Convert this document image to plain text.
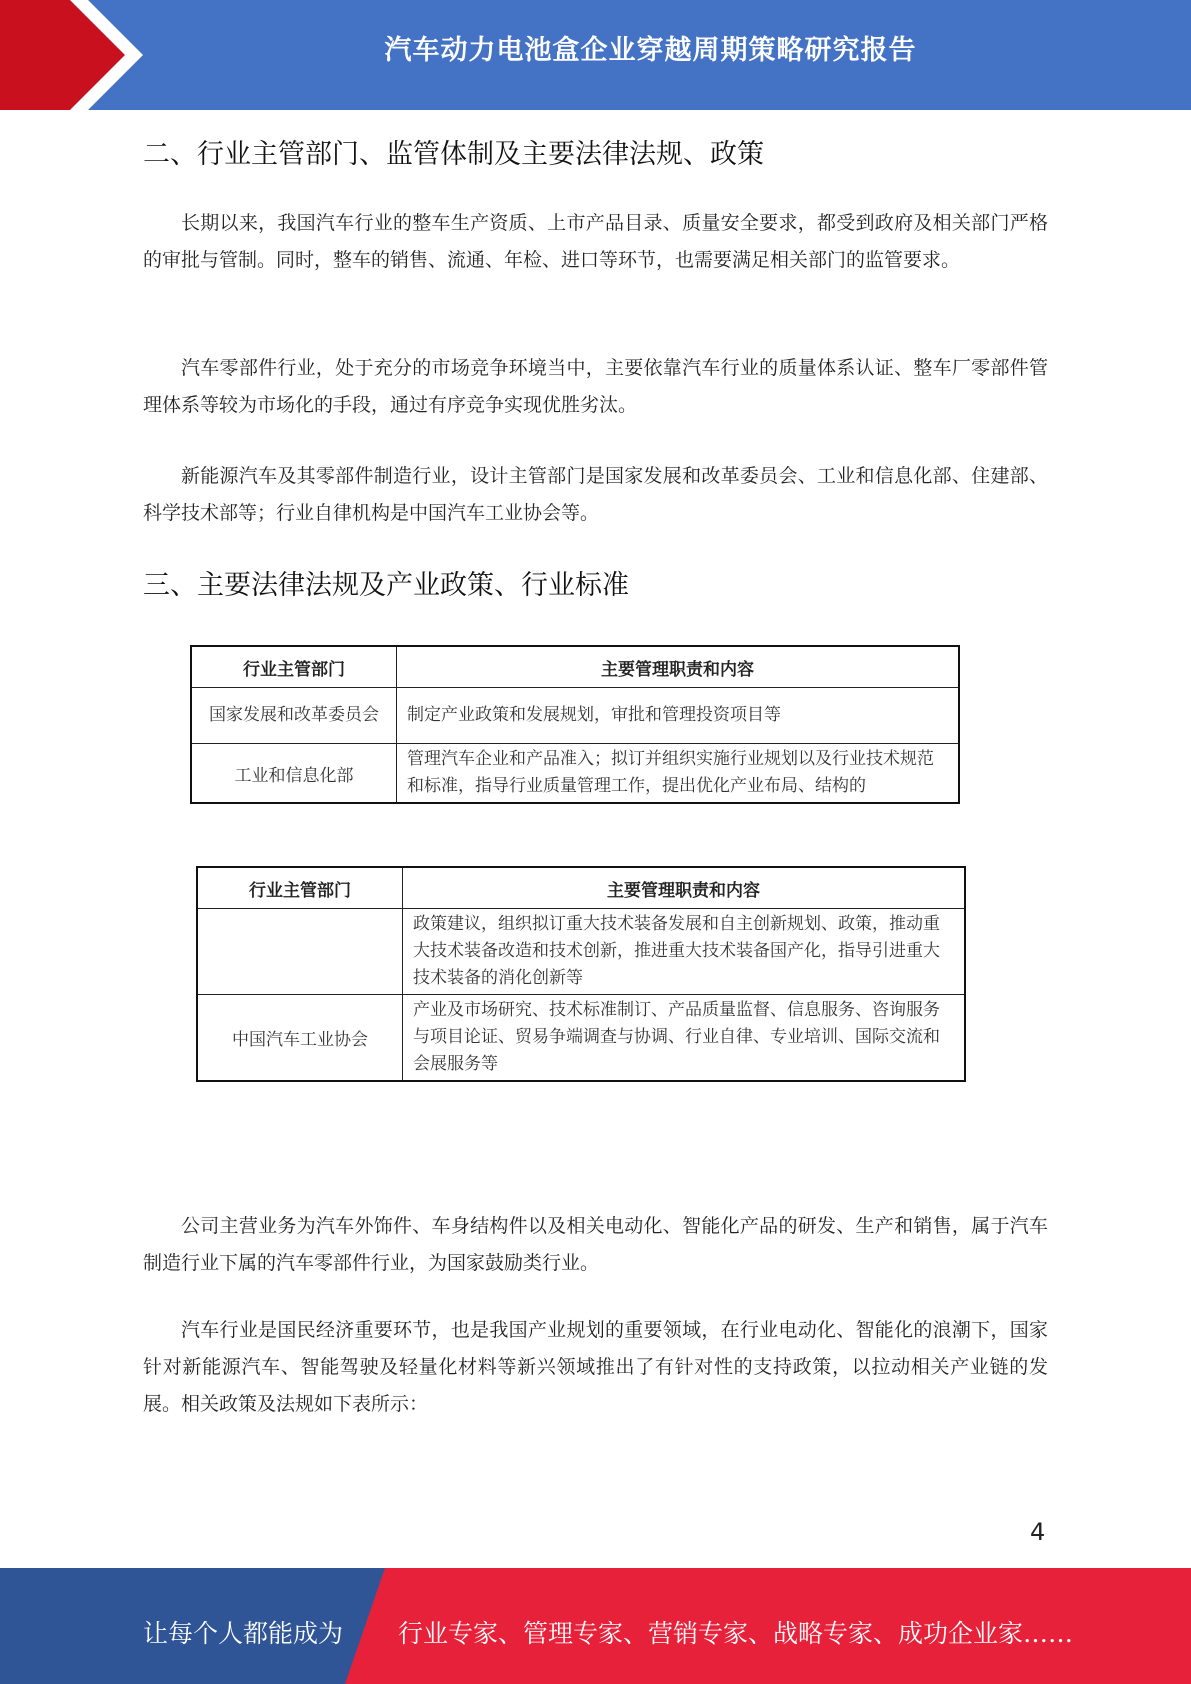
汽车动力电池盒企业穿越周期策略研究报告
二、行业主管部门、监管体制及主要法律法规、政策
长期以来，我国汽车行业的整车生产资质、上市产品目录、质量安全要求，都受到政府及相关部门严格的审批与管制。同时，整车的销售、流通、年检、进口等环节，也需要满足相关部门的监管要求。
汽车零部件行业，处于充分的市场竞争环境当中，主要依靠汽车行业的质量体系认证、整车厂零部件管理体系等较为市场化的手段，通过有序竞争实现优胜劣汰。
新能源汽车及其零部件制造行业，设计主管部门是国家发展和改革委员会、工业和信息化部、住建部、科学技术部等；行业自律机构是中国汽车工业协会等。
三、主要法律法规及产业政策、行业标准
行业主管部门	主要管理职责和内容
国家发展和改革委员会	制定产业政策和发展规划，审批和管理投资项目等
工业和信息化部	管理汽车企业和产品准入；拟订并组织实施行业规划以及行业技术规范和标准，指导行业质量管理工作，提出优化产业布局、结构的
行业主管部门	主要管理职责和内容
	政策建议，组织拟订重大技术装备发展和自主创新规划、政策，推动重大技术装备改造和技术创新，推进重大技术装备国产化，指导引进重大技术装备的消化创新等
中国汽车工业协会	产业及市场研究、技术标准制订、产品质量监督、信息服务、咨询服务与项目论证、贸易争端调查与协调、行业自律、专业培训、国际交流和会展服务等
公司主营业务为汽车外饰件、车身结构件以及相关电动化、智能化产品的研发、生产和销售，属于汽车制造行业下属的汽车零部件行业，为国家鼓励类行业。
汽车行业是国民经济重要环节，也是我国产业规划的重要领域，在行业电动化、智能化的浪潮下，国家针对新能源汽车、智能驾驶及轻量化材料等新兴领域推出了有针对性的支持政策，以拉动相关产业链的发展。相关政策及法规如下表所示：
4
让每个人都能成为 行业专家、管理专家、营销专家、战略专家、成功企业家……
